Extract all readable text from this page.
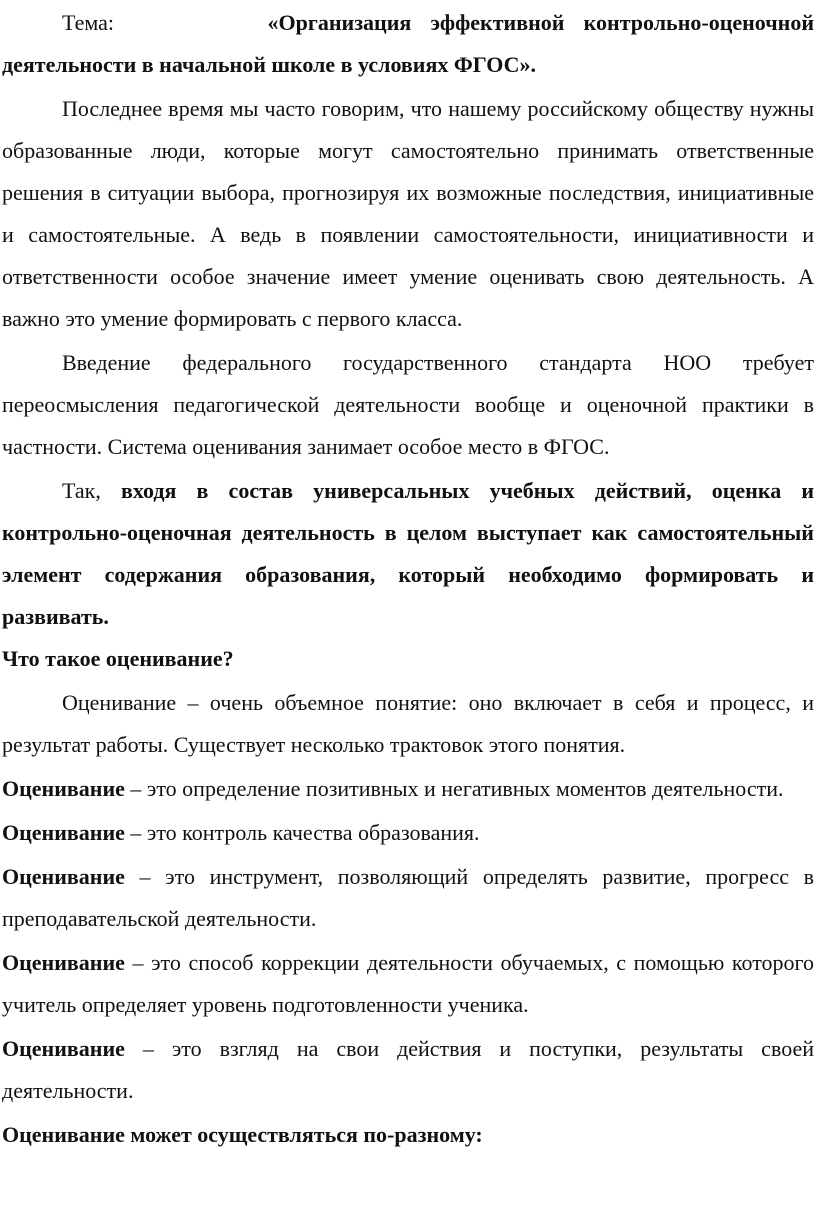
Тема:	«Организация эффективной контрольно-оценочной деятельности в начальной школе в условиях ФГОС».

Последнее время мы часто говорим, что нашему российскому обществу нужны образованные люди, которые могут самостоятельно принимать ответственные решения в ситуации выбора, прогнозируя их возможные последствия, инициативные и самостоятельные. А ведь в появлении самостоятельности, инициативности и ответственности особое значение имеет умение оценивать свою деятельность. А важно это умение формировать с первого класса.

Введение федерального государственного стандарта НОО требует переосмысления педагогической деятельности вообще и оценочной практики в частности. Система оценивания занимает особое место в ФГОС.

Так, входя в состав универсальных учебных действий, оценка и контрольно-оценочная деятельность в целом выступает как самостоятельный элемент содержания образования, который необходимо формировать и развивать.

Что такое оценивание?

Оценивание – очень объемное понятие: оно включает в себя и процесс, и результат работы. Существует несколько трактовок этого понятия.

Оценивание – это определение позитивных и негативных моментов деятельности.

Оценивание – это контроль качества образования.

Оценивание – это инструмент, позволяющий определять развитие, прогресс в преподавательской деятельности.

Оценивание – это способ коррекции деятельности обучаемых, с помощью которого учитель определяет уровень подготовленности ученика.

Оценивание – это взгляд на свои действия и поступки, результаты своей деятельности.

Оценивание может осуществляться по-разному:
